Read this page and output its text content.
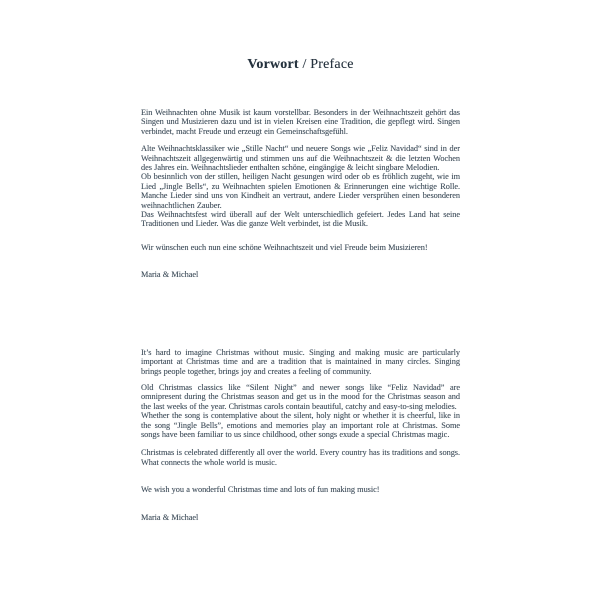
Vorwort / Preface

Ein Weihnachten ohne Musik ist kaum vorstellbar. Besonders in der Weihnachtszeit gehört das Singen und Musizieren dazu und ist in vielen Kreisen eine Tradition, die gepflegt wird. Singen verbindet, macht Freude und erzeugt ein Gemeinschaftsgefühl.

Alte Weihnachtsklassiker wie „Stille Nacht“ und neuere Songs wie „Feliz Navidad“ sind in der Weihnachtszeit allgegenwärtig und stimmen uns auf die Weihnachtszeit & die letzten Wochen des Jahres ein. Weihnachtslieder enthalten schöne, eingängige & leicht singbare Melodien.

Ob besinnlich von der stillen, heiligen Nacht gesungen wird oder ob es fröhlich zugeht, wie im Lied „Jingle Bells“, zu Weihnachten spielen Emotionen & Erinnerungen eine wichtige Rolle. Manche Lieder sind uns von Kindheit an vertraut, andere Lieder versprühen einen besonderen weihnachtlichen Zauber.

Das Weihnachtsfest wird überall auf der Welt unterschiedlich gefeiert. Jedes Land hat seine Traditionen und Lieder. Was die ganze Welt verbindet, ist die Musik.

Wir wünschen euch nun eine schöne Weihnachtszeit und viel Freude beim Musizieren!

Maria & Michael

It’s hard to imagine Christmas without music. Singing and making music are particularly important at Christmas time and are a tradition that is maintained in many circles. Singing brings people together, brings joy and creates a feeling of community.

Old Christmas classics like “Silent Night” and newer songs like “Feliz Navidad” are omnipresent during the Christmas season and get us in the mood for the Christmas season and the last weeks of the year. Christmas carols contain beautiful, catchy and easy-to-sing melodies.

Whether the song is contemplative about the silent, holy night or whether it is cheerful, like in the song “Jingle Bells”, emotions and memories play an important role at Christmas. Some songs have been familiar to us since childhood, other songs exude a special Christmas magic.

Christmas is celebrated differently all over the world. Every country has its traditions and songs. What connects the whole world is music.

We wish you a wonderful Christmas time and lots of fun making music!

Maria & Michael
